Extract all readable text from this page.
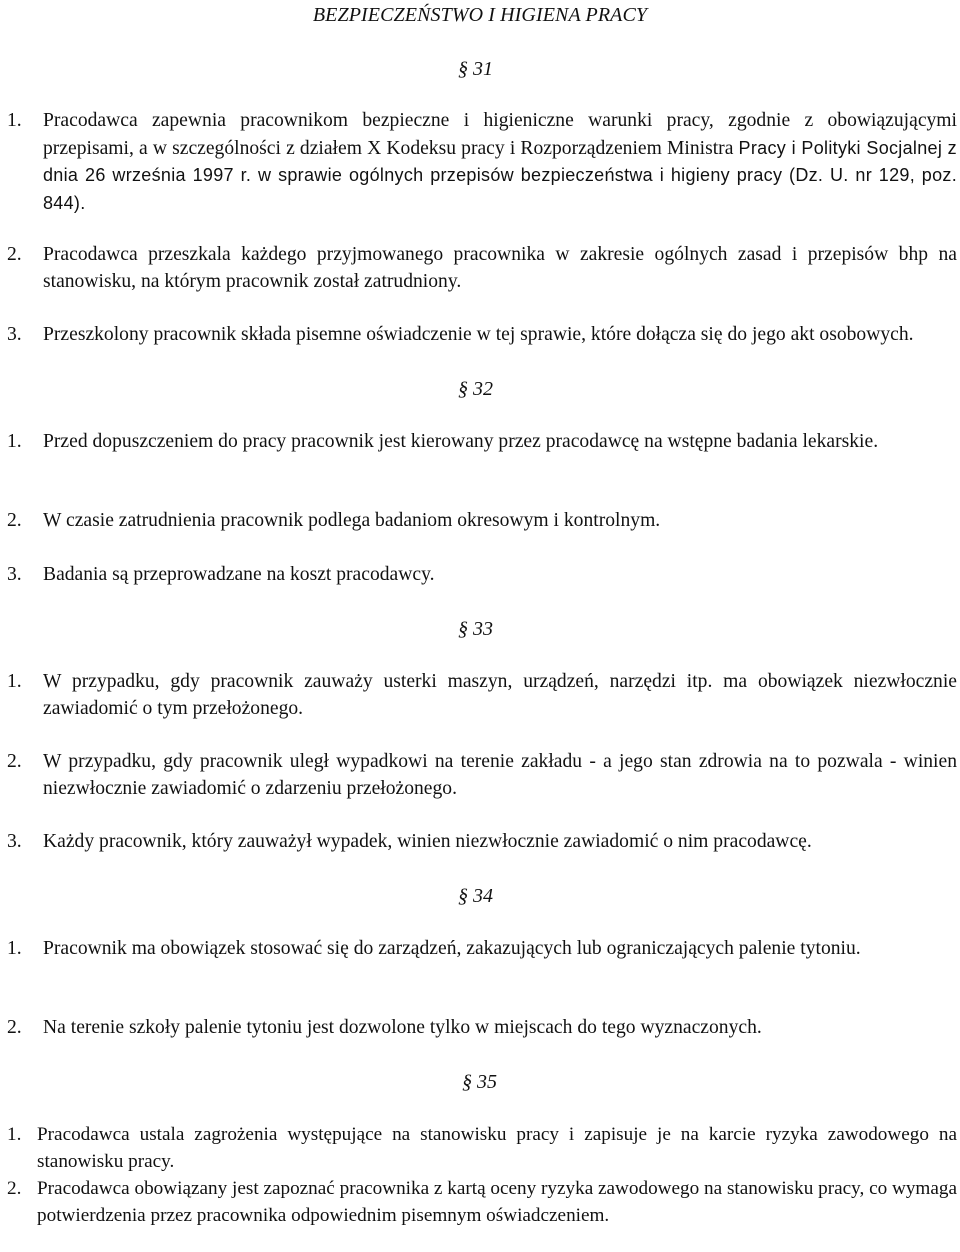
BEZPIECZEŃSTWO I HIGIENA PRACY
§ 31
1.	Pracodawca zapewnia pracownikom bezpieczne i higieniczne warunki pracy, zgodnie z obowiązującymi przepisami, a w szczególności z działem X Kodeksu pracy i Rozporządzeniem Ministra Pracy i Polityki Socjalnej z dnia 26 września 1997 r. w sprawie ogólnych przepisów bezpieczeństwa i higieny pracy (Dz. U. nr 129, poz. 844).
2.	Pracodawca przeszkala każdego przyjmowanego pracownika w zakresie ogólnych zasad i przepisów bhp na stanowisku, na którym pracownik został zatrudniony.
3.	Przeszkolony pracownik składa pisemne oświadczenie w tej sprawie, które dołącza się do jego akt osobowych.
§ 32
1.	Przed dopuszczeniem do pracy pracownik jest kierowany przez pracodawcę na wstępne badania lekarskie.
2.	W czasie zatrudnienia pracownik podlega badaniom okresowym i kontrolnym.
3.	Badania są przeprowadzane na koszt pracodawcy.
§ 33
1.	W przypadku, gdy pracownik zauważy usterki maszyn, urządzeń, narzędzi itp. ma obowiązek niezwłocznie zawiadomić o tym przełożonego.
2.	W przypadku, gdy pracownik uległ wypadkowi na terenie zakładu - a jego stan zdrowia na to pozwala - winien niezwłocznie zawiadomić o zdarzeniu przełożonego.
3.	Każdy pracownik, który zauważył wypadek, winien niezwłocznie zawiadomić o nim pracodawcę.
§ 34
1.	Pracownik ma obowiązek stosować się do zarządzeń, zakazujących lub ograniczających palenie tytoniu.
2.	Na terenie szkoły palenie tytoniu jest dozwolone tylko w miejscach do tego wyznaczonych.
§ 35
1. Pracodawca ustala zagrożenia występujące na stanowisku pracy i zapisuje je na karcie ryzyka zawodowego na stanowisku pracy.
2. Pracodawca obowiązany jest zapoznać pracownika z kartą oceny ryzyka zawodowego na stanowisku pracy, co wymaga potwierdzenia przez pracownika odpowiednim pisemnym oświadczeniem.
